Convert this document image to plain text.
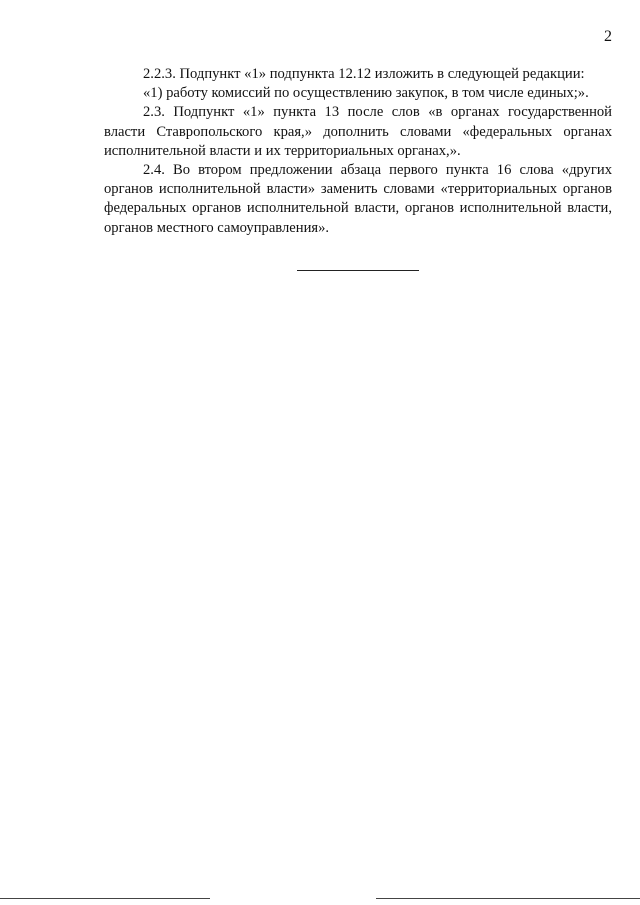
2

2.2.3. Подпункт «1» подпункта 12.12 изложить в следующей редакции:

«1) работу комиссий по осуществлению закупок, в том числе единых;».

2.3. Подпункт «1» пункта 13 после слов «в органах государственной власти Ставропольского края,» дополнить словами «федеральных органах исполнительной власти и их территориальных органах,».

2.4. Во втором предложении абзаца первого пункта 16 слова «других органов исполнительной власти» заменить словами «территориальных органов федеральных органов исполнительной власти, органов исполнительной власти, органов местного самоуправления».
